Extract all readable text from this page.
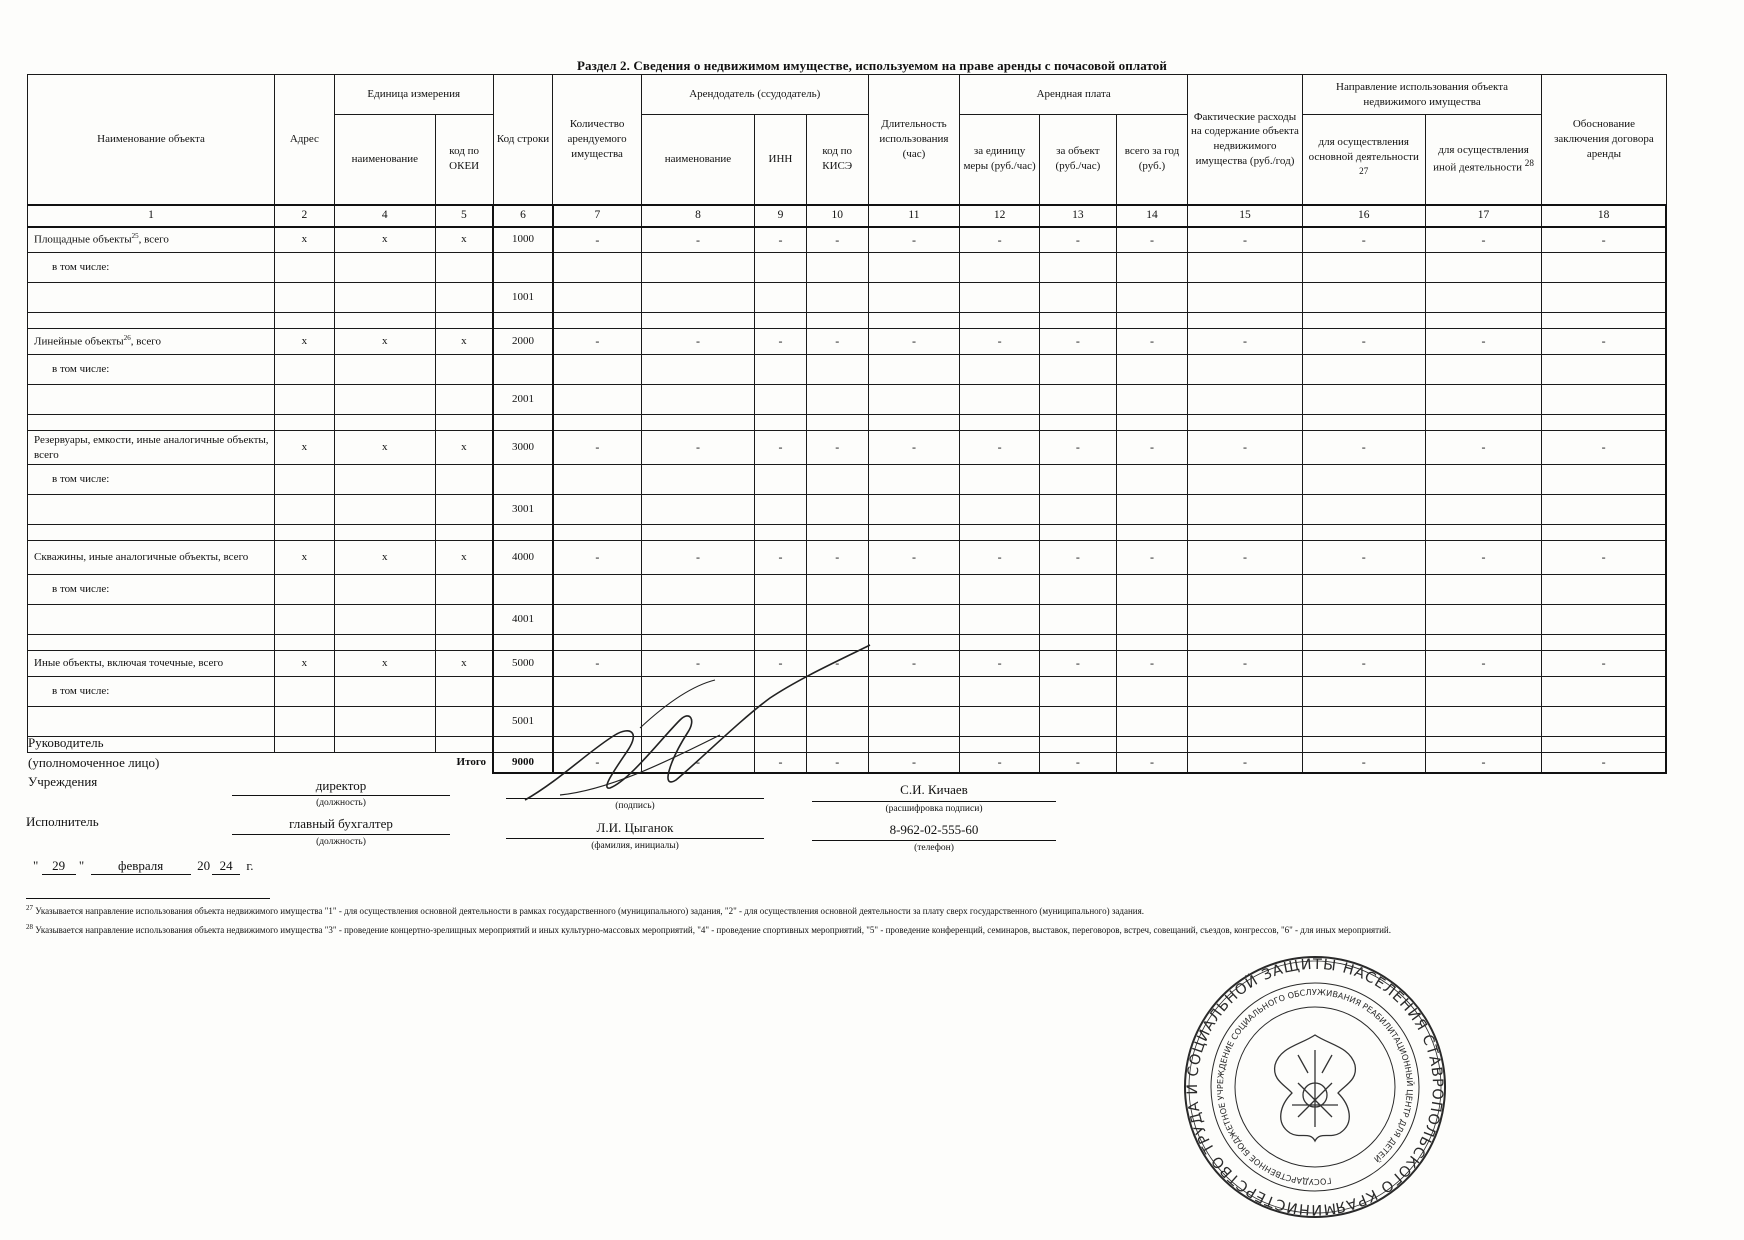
Раздел 2. Сведения о недвижимом имуществе, используемом на праве аренды с почасовой оплатой
Наименование объекта	Адрес	Единица измерения		Код строки	Количество арендуемого имущества	Арендодатель (ссудодатель)			Длительность использования (час)	Арендная плата			Фактические расходы на содержание объекта недвижимого имущества (руб./год)	Направление использования объекта недвижимого имущества		Обоснование заключения договора аренды
		наименование	код по ОКЕИ			наименование	ИНН	код по КИСЭ		за единицу меры (руб./час)	за объект (руб./час)	всего за год (руб.)		для осуществления основной деятельности $^{27}$	для осуществления иной деятельности $^{28}$
1	2	4	5	6	7	8	9	10	11	12	13	14	15	16	17	18
Площадные объекты$^{25}$, всего	x	x	x	1000	-	-	-	-	-	-	-	-	-	-	-	-
в том числе:																
				1001												

Линейные объекты$^{26}$, всего	x	x	x	2000	-	-	-	-	-	-	-	-	-	-	-	-
в том числе:																
				2001												

Резервуары, емкости, иные аналогичные объекты, всего	x	x	x	3000	-	-	-	-	-	-	-	-	-	-	-	-
в том числе:																
				3001												

Скважины, иные аналогичные объекты, всего	x	x	x	4000	-	-	-	-	-	-	-	-	-	-	-	-
в том числе:																
				4001												

Иные объекты, включая точечные, всего	x	x	x	5000	-	-	-	-	-	-	-	-	-	-	-	-
в том числе:																
				5001												

Итого				9000	-	-	-	-	-	-	-	-	-	-	-	-
Руководитель
(уполномоченное лицо)
Учреждения	директор
(должность)	(подпись)
С.И. Кичаев
(расшифровка подписи)
Исполнитель	главный бухгалтер
(должность)
Л.И. Цыганок
(фамилия, инициалы)
8-962-02-555-60
(телефон)
" 29 "	февраля	20 24 г.
$^{27}$ Указывается направление использования объекта недвижимого имущества "1" - для осуществления основной деятельности в рамках государственного (муниципального) задания, "2" - для осуществления основной деятельности за плату сверх государственного (муниципального) задания.
$^{28}$ Указывается направление использования объекта недвижимого имущества "3" - проведение концертно-зрелищных мероприятий и иных культурно-массовых мероприятий, "4" - проведение спортивных мероприятий, "5" - проведение конференций, семинаров, выставок, переговоров, встреч, совещаний, съездов, конгрессов, "6" - для иных мероприятий.
МИНИСТЕРСТВО ТРУДА И СОЦИАЛЬНОЙ ЗАЩИТЫ НАСЕЛЕНИЯ СТАВРОПОЛЬСКОГО КРАЯ
ГОСУДАРСТВЕННОЕ БЮДЖЕТНОЕ УЧРЕЖДЕНИЕ СОЦИАЛЬНОГО ОБСЛУЖИВАНИЯ РЕАБИЛИТАЦИОННЫЙ ЦЕНТР ДЛЯ ДЕТЕЙ
